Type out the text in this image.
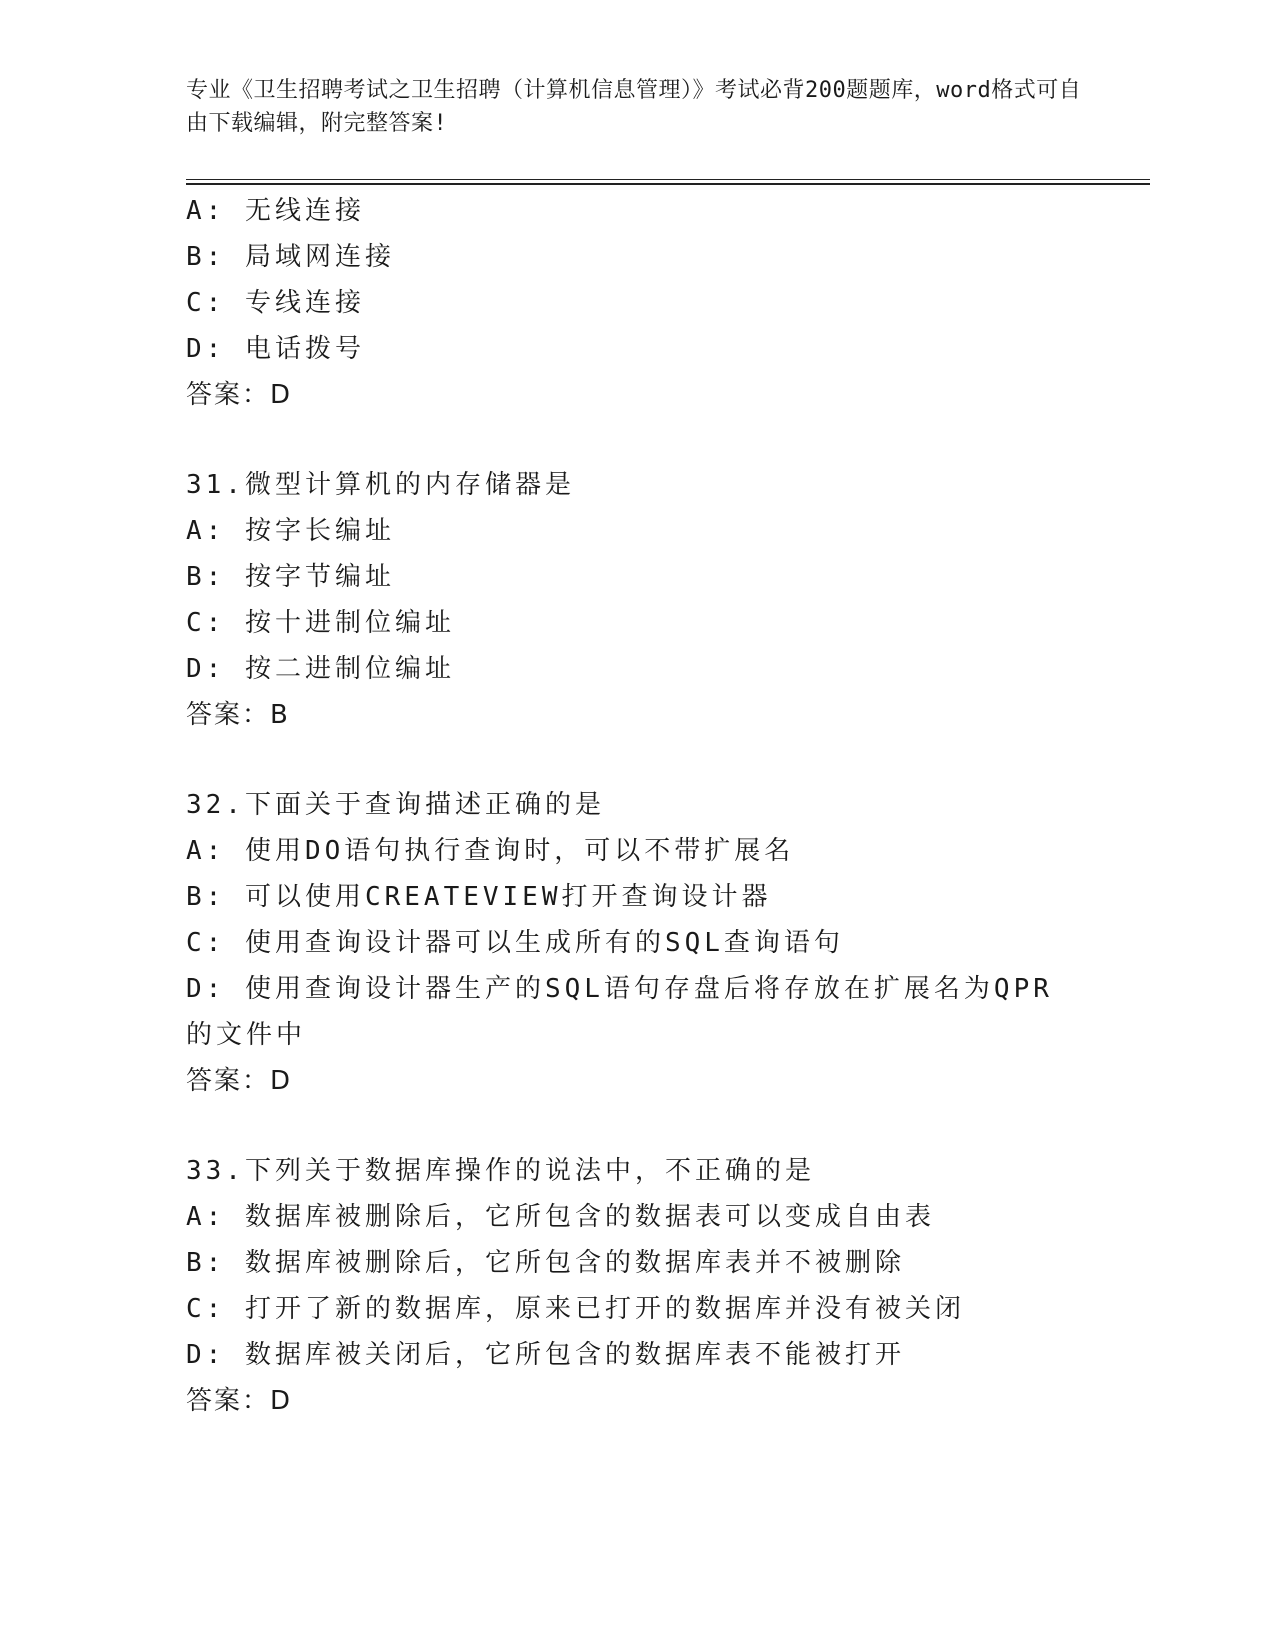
专业《卫生招聘考试之卫生招聘（计算机信息管理）》考试必背200题题库，word格式可自由下载编辑，附完整答案!
A: 无线连接
B: 局域网连接
C: 专线连接
D: 电话拨号
答案：D
31.微型计算机的内存储器是
A: 按字长编址
B: 按字节编址
C: 按十进制位编址
D: 按二进制位编址
答案：B
32.下面关于查询描述正确的是
A: 使用DO语句执行查询时，可以不带扩展名
B: 可以使用CREATEVIEW打开查询设计器
C: 使用查询设计器可以生成所有的SQL查询语句
D: 使用查询设计器生产的SQL语句存盘后将存放在扩展名为QPR的文件中
答案：D
33.下列关于数据库操作的说法中，不正确的是
A: 数据库被删除后，它所包含的数据表可以变成自由表
B: 数据库被删除后，它所包含的数据库表并不被删除
C: 打开了新的数据库，原来已打开的数据库并没有被关闭
D: 数据库被关闭后，它所包含的数据库表不能被打开
答案：D
